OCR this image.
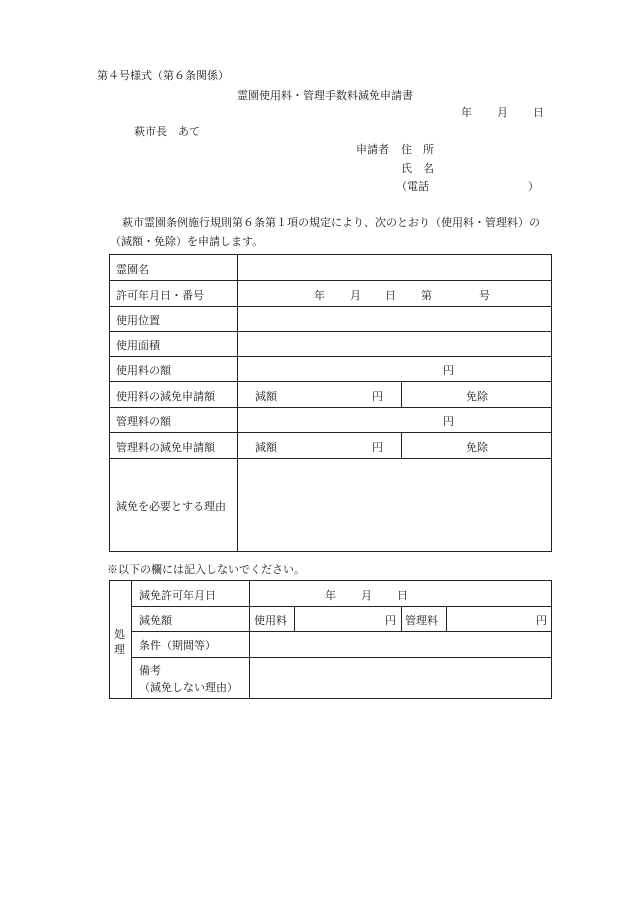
第４号様式（第６条関係）
霊園使用料・管理手数料減免申請書
年 月 日
萩市長　あて
申請者 住　所
氏　名
（電話	）
萩市霊園条例施行規則第６条第１項の規定により、次のとおり（使用料・管理料）の
（減額・免除）を申請します。
霊園名
許可年月日・番号	年 月 日 第	号
使用位置
使用面積
使用料の額	円
使用料の減免申請額	減額	円	免除
管理料の額	円
管理料の減免申請額	減額	円	免除
減免を必要とする理由
※以下の欄には記入しないでください。
処
理
減免許可年月日	年 月 日
減免額	使用料	円 管理料	円
条件（期間等）
備考
（減免しない理由）
